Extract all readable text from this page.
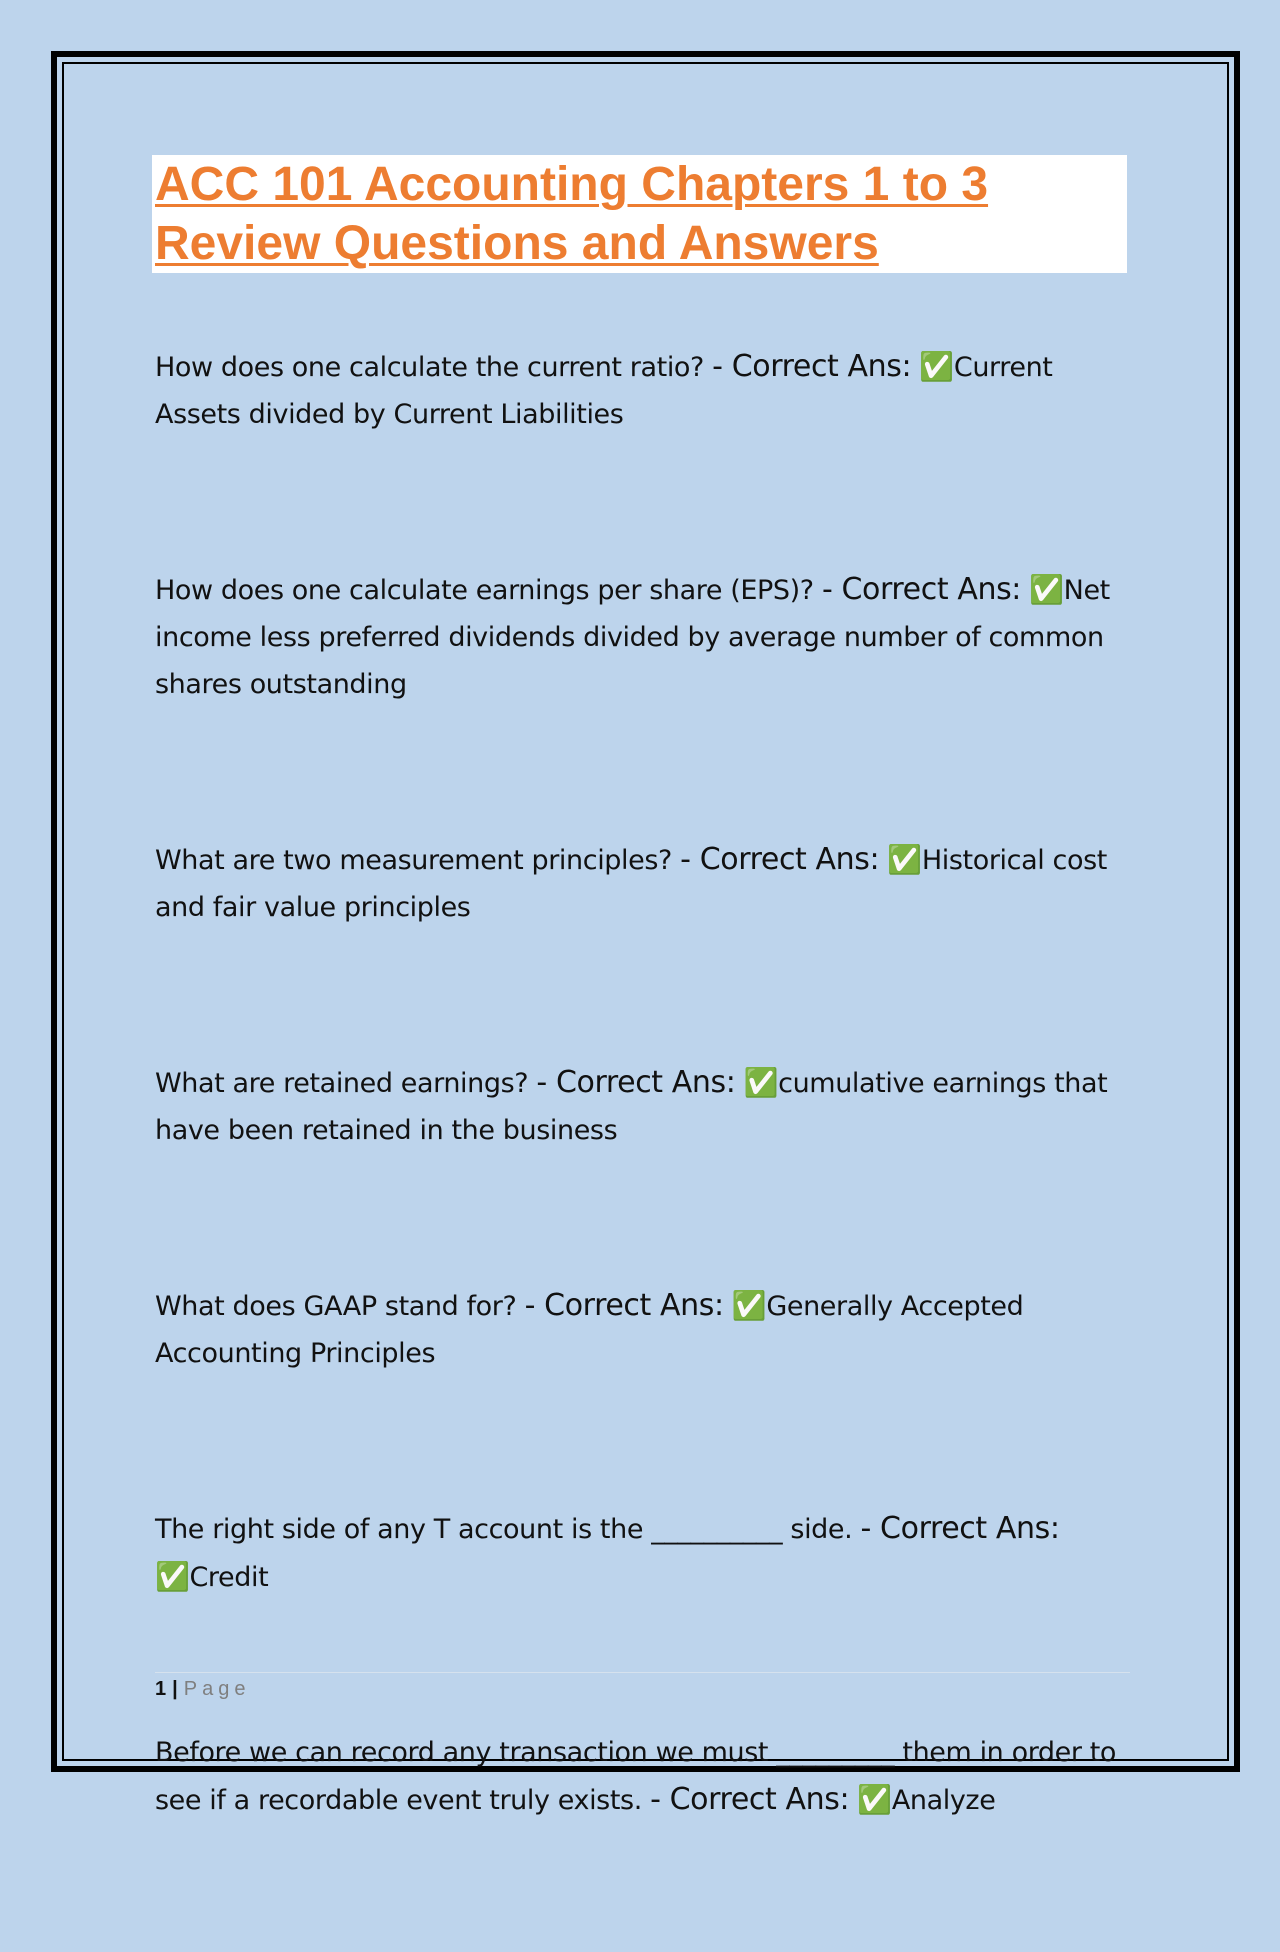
ACC 101 Accounting Chapters 1 to 3
Review Questions and Answers

How does one calculate the current ratio? - Correct Ans: ✅Current Assets divided by Current Liabilities

How does one calculate earnings per share (EPS)? - Correct Ans: ✅Net income less preferred dividends divided by average number of common shares outstanding

What are two measurement principles? - Correct Ans: ✅Historical cost and fair value principles

What are retained earnings? - Correct Ans: ✅cumulative earnings that have been retained in the business

What does GAAP stand for? - Correct Ans: ✅Generally Accepted Accounting Principles

The right side of any T account is the __________ side. - Correct Ans: ✅Credit

Before we can record any transaction we must _________ them in order to see if a recordable event truly exists. - Correct Ans: ✅Analyze

1 | Page
